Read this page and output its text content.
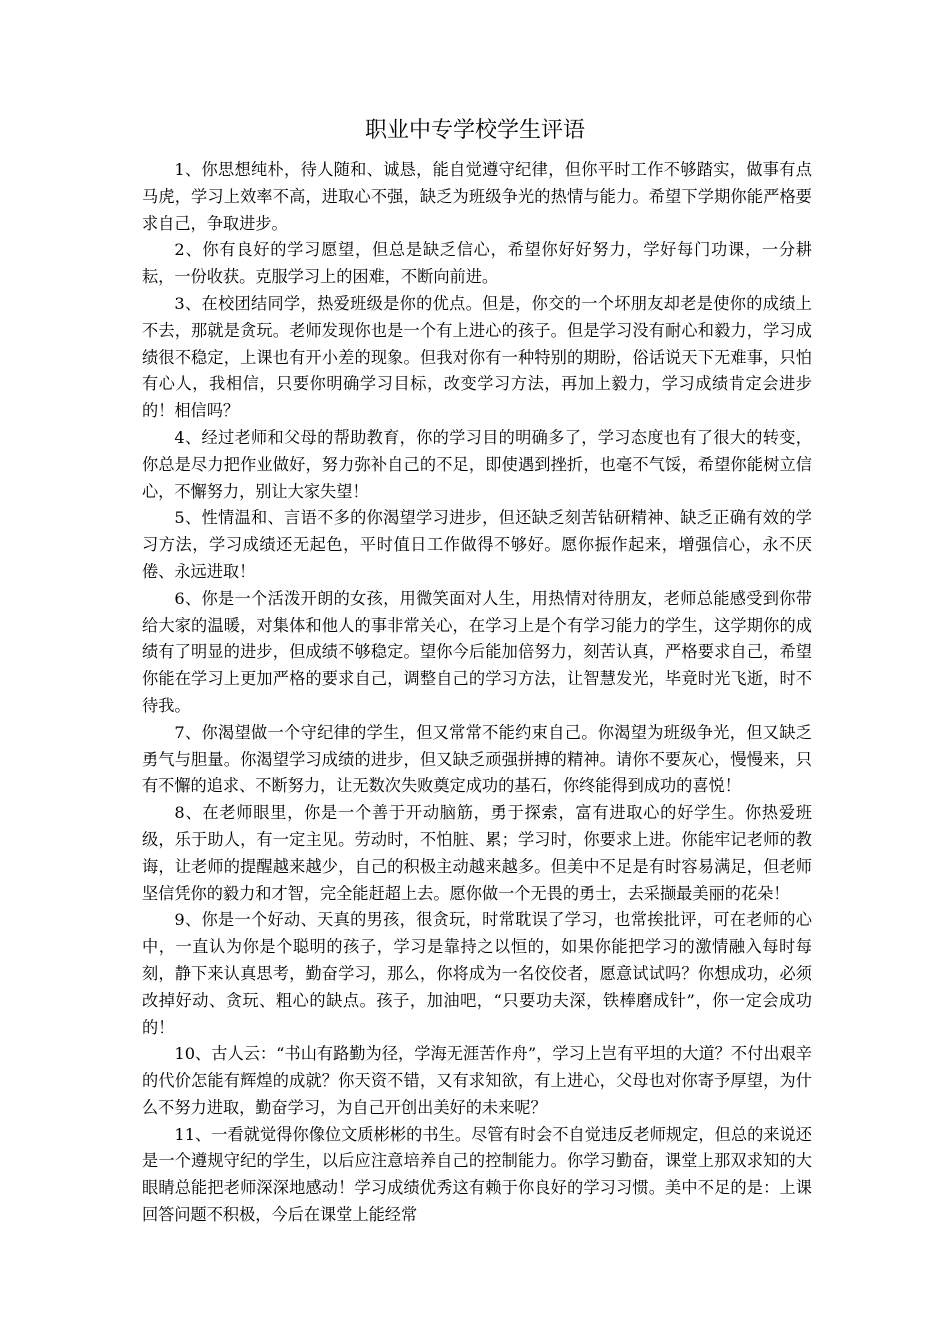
职业中专学校学生评语

1、你思想纯朴，待人随和、诚恳，能自觉遵守纪律，但你平时工作不够踏实，做事有点马虎，学习上效率不高，进取心不强，缺乏为班级争光的热情与能力。希望下学期你能严格要求自己，争取进步。

2、你有良好的学习愿望，但总是缺乏信心，希望你好好努力，学好每门功课，一分耕耘，一份收获。克服学习上的困难，不断向前进。

3、在校团结同学，热爱班级是你的优点。但是，你交的一个坏朋友却老是使你的成绩上不去，那就是贪玩。老师发现你也是一个有上进心的孩子。但是学习没有耐心和毅力，学习成绩很不稳定，上课也有开小差的现象。但我对你有一种特别的期盼，俗话说天下无难事，只怕有心人，我相信，只要你明确学习目标，改变学习方法，再加上毅力，学习成绩肯定会进步的！相信吗？

4、经过老师和父母的帮助教育，你的学习目的明确多了，学习态度也有了很大的转变，你总是尽力把作业做好，努力弥补自己的不足，即使遇到挫折，也毫不气馁，希望你能树立信心，不懈努力，别让大家失望！

5、性情温和、言语不多的你渴望学习进步，但还缺乏刻苦钻研精神、缺乏正确有效的学习方法，学习成绩还无起色，平时值日工作做得不够好。愿你振作起来，增强信心，永不厌倦、永远进取！

6、你是一个活泼开朗的女孩，用微笑面对人生，用热情对待朋友，老师总能感受到你带给大家的温暖，对集体和他人的事非常关心，在学习上是个有学习能力的学生，这学期你的成绩有了明显的进步，但成绩不够稳定。望你今后能加倍努力，刻苦认真，严格要求自己，希望你能在学习上更加严格的要求自己，调整自己的学习方法，让智慧发光，毕竟时光飞逝，时不待我。

7、你渴望做一个守纪律的学生，但又常常不能约束自己。你渴望为班级争光，但又缺乏勇气与胆量。你渴望学习成绩的进步，但又缺乏顽强拼搏的精神。请你不要灰心，慢慢来，只有不懈的追求、不断努力，让无数次失败奠定成功的基石，你终能得到成功的喜悦！

8、在老师眼里，你是一个善于开动脑筋，勇于探索，富有进取心的好学生。你热爱班级，乐于助人，有一定主见。劳动时，不怕脏、累；学习时，你要求上进。你能牢记老师的教诲，让老师的提醒越来越少，自己的积极主动越来越多。但美中不足是有时容易满足，但老师坚信凭你的毅力和才智，完全能赶超上去。愿你做一个无畏的勇士，去采撷最美丽的花朵！

9、你是一个好动、天真的男孩，很贪玩，时常耽误了学习，也常挨批评，可在老师的心中，一直认为你是个聪明的孩子，学习是靠持之以恒的，如果你能把学习的激情融入每时每刻，静下来认真思考，勤奋学习，那么，你将成为一名佼佼者，愿意试试吗？你想成功，必须改掉好动、贪玩、粗心的缺点。孩子，加油吧，“只要功夫深，铁棒磨成针”，你一定会成功的！

10、古人云：“书山有路勤为径，学海无涯苦作舟”，学习上岂有平坦的大道？不付出艰辛的代价怎能有辉煌的成就？你天资不错，又有求知欲，有上进心，父母也对你寄予厚望，为什么不努力进取，勤奋学习，为自己开创出美好的未来呢？

11、一看就觉得你像位文质彬彬的书生。尽管有时会不自觉违反老师规定，但总的来说还是一个遵规守纪的学生，以后应注意培养自己的控制能力。你学习勤奋，课堂上那双求知的大眼睛总能把老师深深地感动！学习成绩优秀这有赖于你良好的学习习惯。美中不足的是：上课回答问题不积极，今后在课堂上能经常
